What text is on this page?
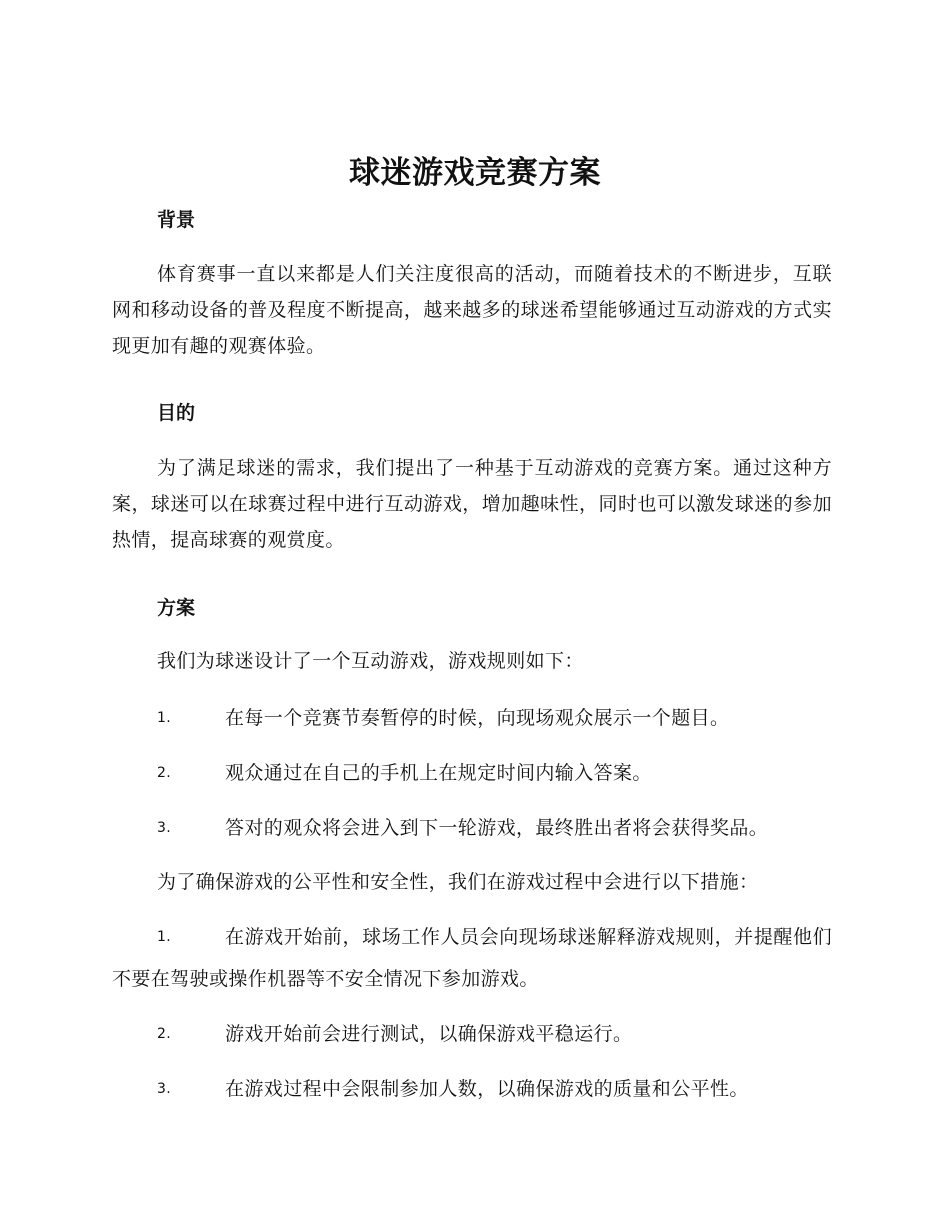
球迷游戏竞赛方案
背景
体育赛事一直以来都是人们关注度很高的活动，而随着技术的不断进步，互联网和移动设备的普及程度不断提高，越来越多的球迷希望能够通过互动游戏的方式实现更加有趣的观赛体验。
目的
为了满足球迷的需求，我们提出了一种基于互动游戏的竞赛方案。通过这种方案，球迷可以在球赛过程中进行互动游戏，增加趣味性，同时也可以激发球迷的参加热情，提高球赛的观赏度。
方案
我们为球迷设计了一个互动游戏，游戏规则如下：
1.	在每一个竞赛节奏暂停的时候，向现场观众展示一个题目。
2.	观众通过在自己的手机上在规定时间内输入答案。
3.	答对的观众将会进入到下一轮游戏，最终胜出者将会获得奖品。
为了确保游戏的公平性和安全性，我们在游戏过程中会进行以下措施：
1.	在游戏开始前，球场工作人员会向现场球迷解释游戏规则，并提醒他们不要在驾驶或操作机器等不安全情况下参加游戏。
2.	游戏开始前会进行测试，以确保游戏平稳运行。
3.	在游戏过程中会限制参加人数，以确保游戏的质量和公平性。
